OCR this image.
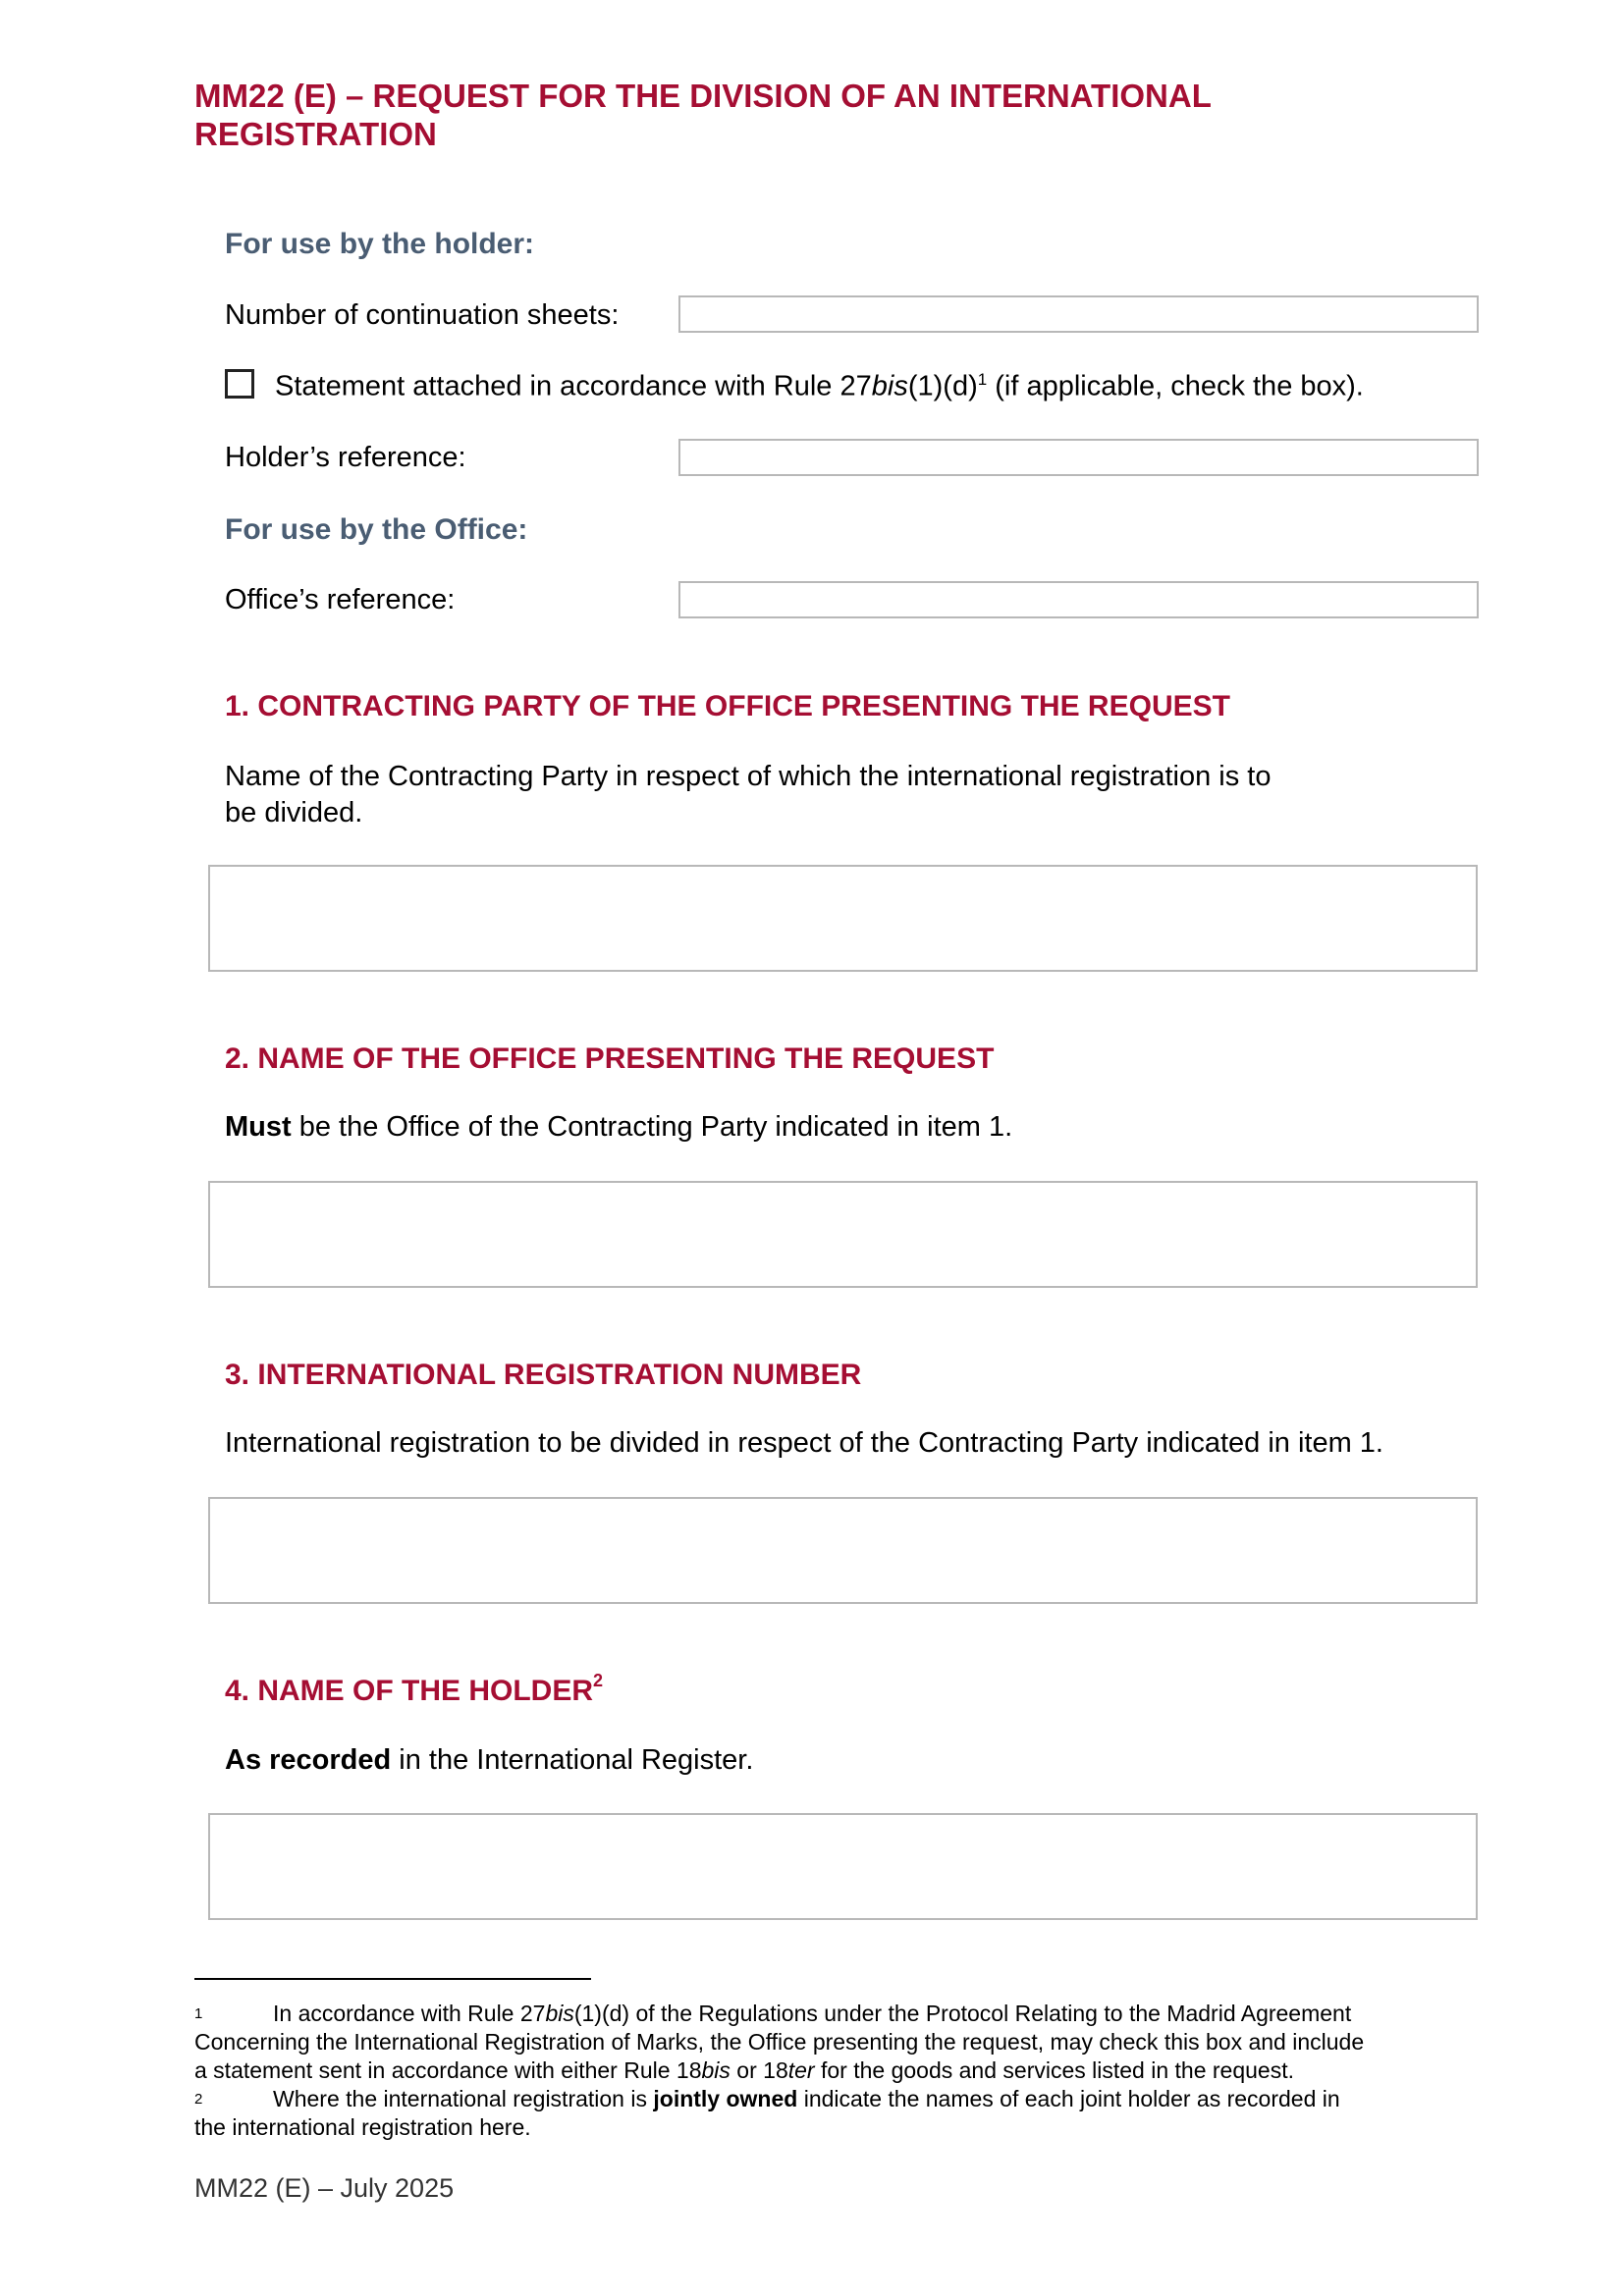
MM22 (E) – REQUEST FOR THE DIVISION OF AN INTERNATIONAL REGISTRATION
For use by the holder:
Number of continuation sheets:
Statement attached in accordance with Rule $27bis(1)(d)^1$ (if applicable, check the box).
Holder’s reference:
For use by the Office:
Office’s reference:
1. CONTRACTING PARTY OF THE OFFICE PRESENTING THE REQUEST
Name of the Contracting Party in respect of which the international registration is to
be divided.
2. NAME OF THE OFFICE PRESENTING THE REQUEST
Must be the Office of the Contracting Party indicated in item 1.
3. INTERNATIONAL REGISTRATION NUMBER
International registration to be divided in respect of the Contracting Party indicated in item 1.
4. NAME OF THE HOLDER$^2$
As recorded in the International Register.
1	In accordance with Rule 27bis(1)(d) of the Regulations under the Protocol Relating to the Madrid Agreement
Concerning the International Registration of Marks, the Office presenting the request, may check this box and include
a statement sent in accordance with either Rule 18bis or 18ter for the goods and services listed in the request.
2	Where the international registration is jointly owned indicate the names of each joint holder as recorded in
the international registration here.
MM22 (E) – July 2025
